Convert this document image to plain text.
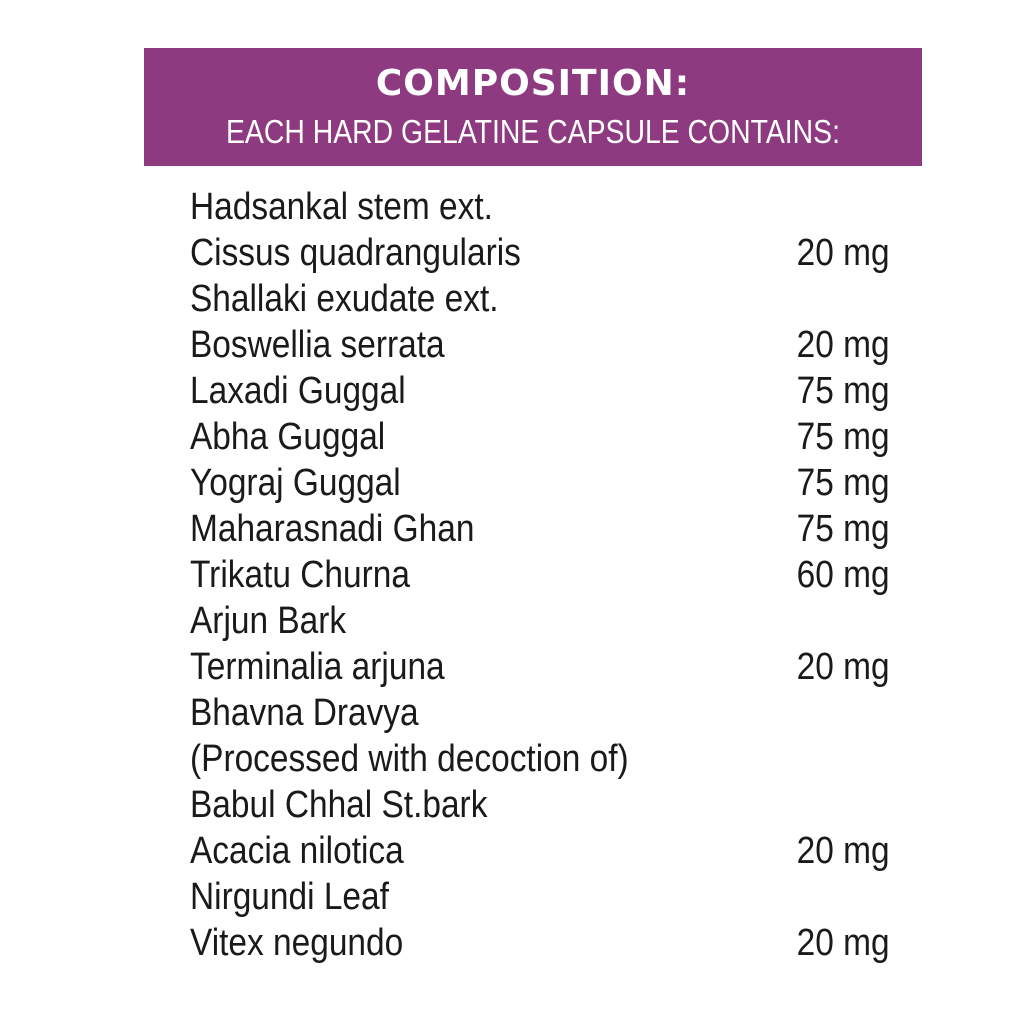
COMPOSITION:
EACH HARD GELATINE CAPSULE CONTAINS:
Hadsankal stem ext.
Cissus quadrangularis	20 mg
Shallaki exudate ext.
Boswellia serrata	20 mg
Laxadi Guggal	75 mg
Abha Guggal	75 mg
Yograj Guggal	75 mg
Maharasnadi Ghan	75 mg
Trikatu Churna	60 mg
Arjun Bark
Terminalia arjuna	20 mg
Bhavna Dravya
(Processed with decoction of)
Babul Chhal St.bark
Acacia nilotica	20 mg
Nirgundi Leaf
Vitex negundo	20 mg
